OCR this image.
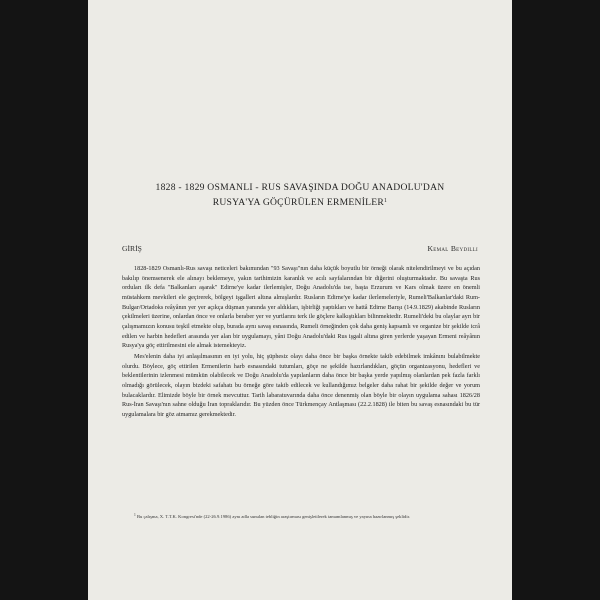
1828 - 1829 OSMANLI - RUS SAVAŞINDA DOĞU ANADOLU'DAN
RUSYA'YA GÖÇÜRÜLEN ERMENİLER$^1$
GİRİŞ	Kemal Beydilli

1828-1829 Osmanlı-Rus savaşı neticeleri bakımından "93 Savaşı"nın daha küçük boyutlu bir örneği olarak nitelendirilmeyi ve bu açıdan bakılıp önemsenerek ele alınayı beklemeye, yakın tarihimizin karanlık ve acılı sayfalarından bir diğerini oluşturmaktadır. Bu savaşta Rus orduları ilk defa "Balkanları aşarak" Edirne'ye kadar ilerlemişler, Doğu Anadolu'da ise, başta Erzurum ve Kars olmak üzere en önemli müstahkem mevkileri ele geçirerek, bölgeyi işgalleri altına almışlardır. Rusların Edirne'ye kadar ilerlemeleriyle, Rumeli'Balkanlar'daki Rum-Bulgar/Ortadoks reâyânın yer yer açıkça düşman yanında yer aldıkları, işbirliği yaptıkları ve hattâ Edirne Barışı (14.9.1829) akabinde Rusların çekilmeleri üzerine, onlardan önce ve onlarla beraber yer ve yurtlarını terk ile göçlere kalkıştıkları bilinmektedir. Rumeli'deki bu olaylar ayrı bir çalışmamızın konusu teşkil etmekte olup, burada aynı savaş esnasında, Rumeli örneğinden çok daha geniş kapsamlı ve organize bir şekilde icrâ edilen ve harbin hedefleri arasında yer alan bir uygulamayı, yâni Doğu Anadolu'daki Rus işgali altına giren yerlerde yaşayan Ermeni reâyânın Rusya'ya göç ettirilmesini ele almak istemekteyiz.

Mes'elenin daha iyi anlaşılmasının en iyi yolu, hiç şüphesiz olayı daha önce bir başka örnekte takib edebilmek imkânını bulabilmekte olurdu. Böylece, göç ettirilen Ermenilerin harb esnasındaki tutumları, göçe ne şekilde hazırlandıkları, göçün organizasyonu, hedefleri ve beklentilerinin izlenmesi mümkün olabilecek ve Doğu Anadolu'da yapılanların daha önce bir başka yerde yapılmış olanlardan pek fazla farklı olmadığı görülecek, olayın bizdeki safahatı bu örneğe göre takib edilecek ve kullandığımız belgeler daha rahat bir şekilde değer ve yorum bulacaklardır. Elimizde böyle bir örnek mevcuttur. Tarih labaratuvarında daha önce denenmiş olan böyle bir olayın uygulama sahası 1826/28 Rus-İran Savaşı'nın sahne olduğu İran topraklarıdır. Bu yüzden önce Türkmençay Antlaşması (22.2.1828) ile biten bu savaş esnasındaki bu tür uygulamalara bir göz atmamız gerekmektedir.

$^1$ Bu çalışma, X. T.T.K. Kongresi'nde (22-26.9.1986) aynı adla sunulan tebliğin araştırması genişletilerek tamamlanmış ve yayına hazırlanmış şeklidir.
